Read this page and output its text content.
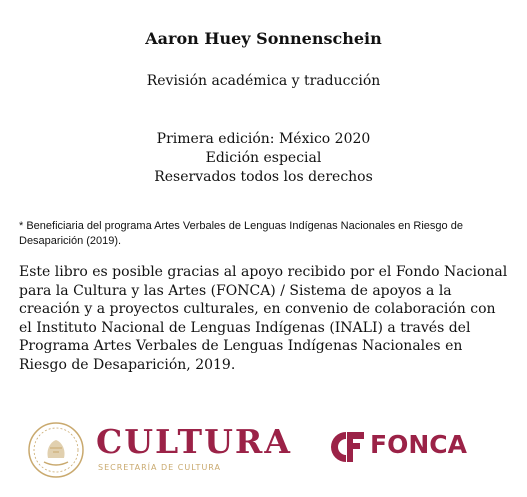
Aaron Huey Sonnenschein
Revisión académica y traducción
Primera edición: México 2020
Edición especial
Reservados todos los derechos
* Beneficiaria del programa Artes Verbales de Lenguas Indígenas Nacionales en Riesgo de Desaparición (2019).
Este libro es posible gracias al apoyo recibido por el Fondo Nacional para la Cultura y las Artes (FONCA) / Sistema de apoyos a la creación y a proyectos culturales, en convenio de colaboración con el Instituto Nacional de Lenguas Indígenas (INALI) a través del Programa Artes Verbales de Lenguas Indígenas Nacionales en Riesgo de Desaparición, 2019.
CULTURA
SECRETARÍA DE CULTURA
FONCA
